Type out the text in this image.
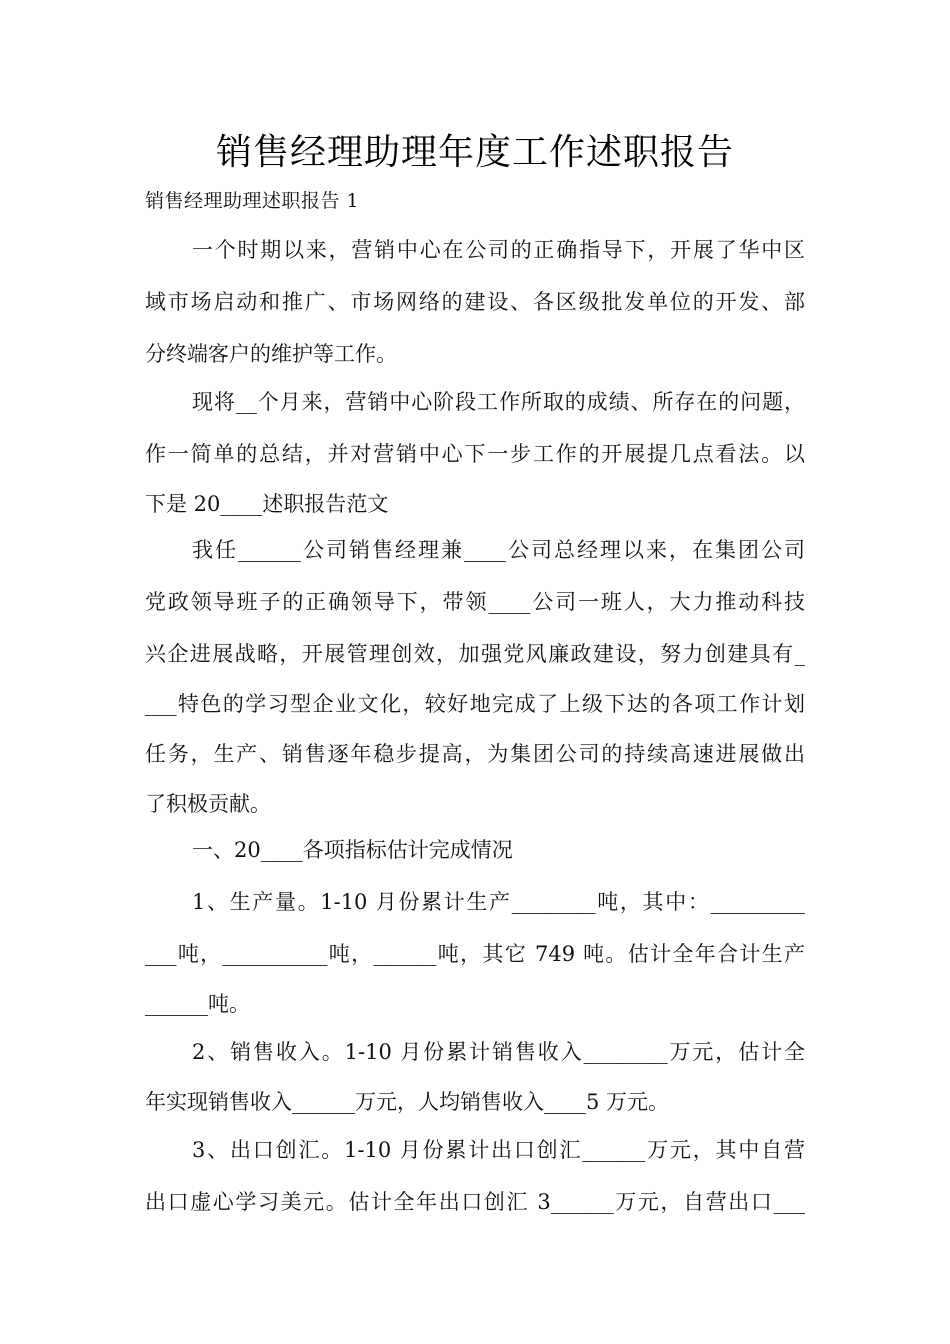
销售经理助理年度工作述职报告
销售经理助理述职报告 1
一个时期以来，营销中心在公司的正确指导下，开展了华中区
域市场启动和推广、市场网络的建设、各区级批发单位的开发、部
分终端客户的维护等工作。
现将__个月来，营销中心阶段工作所取的成绩、所存在的问题，
作一简单的总结，并对营销中心下一步工作的开展提几点看法。以
下是 20____述职报告范文
我任______公司销售经理兼____公司总经理以来，在集团公司
党政领导班子的正确领导下，带领____公司一班人，大力推动科技
兴企进展战略，开展管理创效，加强党风廉政建设，努力创建具有_
___特色的学习型企业文化，较好地完成了上级下达的各项工作计划
任务，生产、销售逐年稳步提高，为集团公司的持续高速进展做出
了积极贡献。
一、20____各项指标估计完成情况
1、生产量。1-10 月份累计生产________吨，其中：_________
___吨，__________吨，______吨，其它 749 吨。估计全年合计生产
______吨。
2、销售收入。1-10 月份累计销售收入________万元，估计全
年实现销售收入______万元，人均销售收入____5 万元。
3、出口创汇。1-10 月份累计出口创汇______万元，其中自营
出口虚心学习美元。估计全年出口创汇 3______万元，自营出口___
